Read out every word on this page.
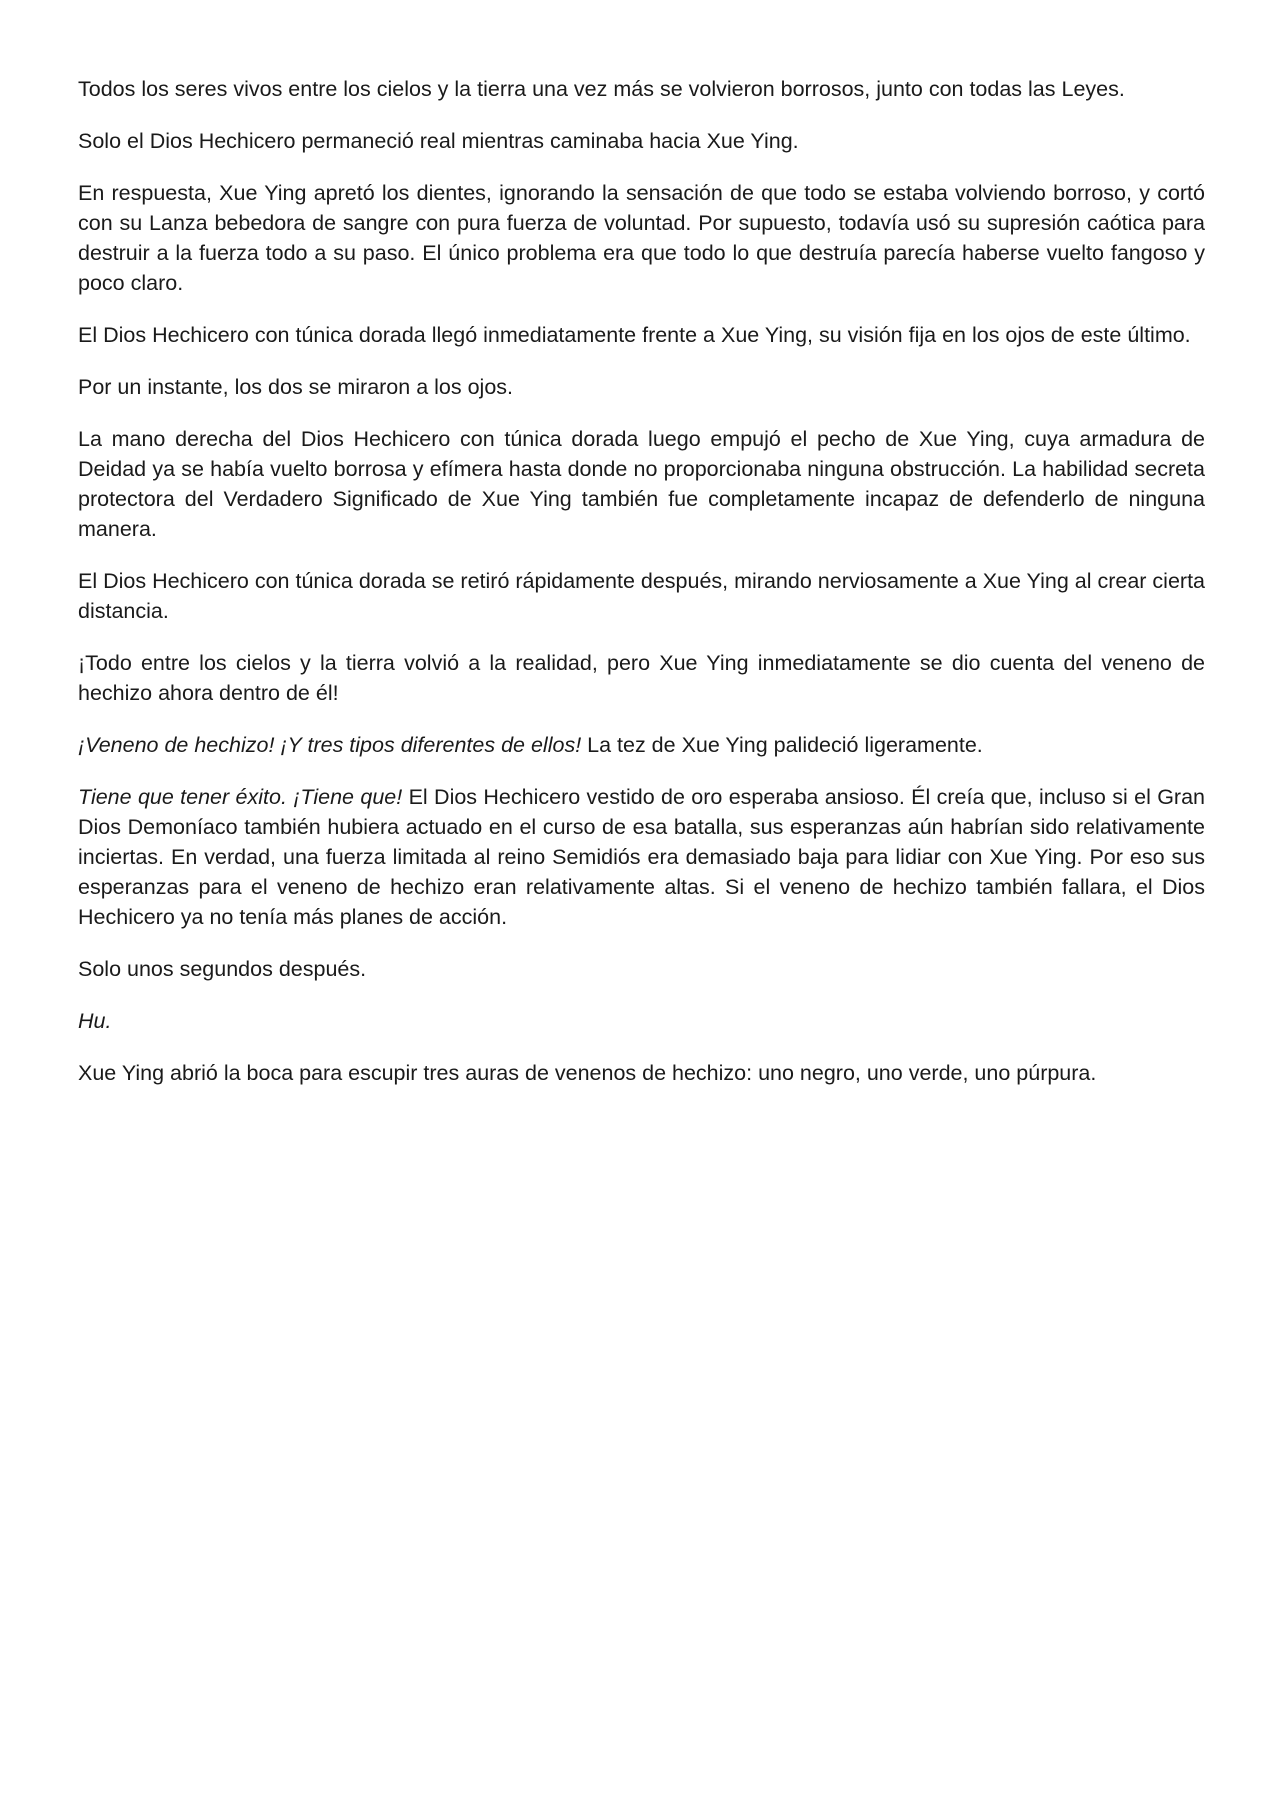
Todos los seres vivos entre los cielos y la tierra una vez más se volvieron borrosos, junto con todas las Leyes.

Solo el Dios Hechicero permaneció real mientras caminaba hacia Xue Ying.

En respuesta, Xue Ying apretó los dientes, ignorando la sensación de que todo se estaba volviendo borroso, y cortó con su Lanza bebedora de sangre con pura fuerza de voluntad. Por supuesto, todavía usó su supresión caótica para destruir a la fuerza todo a su paso. El único problema era que todo lo que destruía parecía haberse vuelto fangoso y poco claro.

El Dios Hechicero con túnica dorada llegó inmediatamente frente a Xue Ying, su visión fija en los ojos de este último.

Por un instante, los dos se miraron a los ojos.

La mano derecha del Dios Hechicero con túnica dorada luego empujó el pecho de Xue Ying, cuya armadura de Deidad ya se había vuelto borrosa y efímera hasta donde no proporcionaba ninguna obstrucción. La habilidad secreta protectora del Verdadero Significado de Xue Ying también fue completamente incapaz de defenderlo de ninguna manera.

El Dios Hechicero con túnica dorada se retiró rápidamente después, mirando nerviosamente a Xue Ying al crear cierta distancia.

¡Todo entre los cielos y la tierra volvió a la realidad, pero Xue Ying inmediatamente se dio cuenta del veneno de hechizo ahora dentro de él!

¡Veneno de hechizo! ¡Y tres tipos diferentes de ellos! La tez de Xue Ying palideció ligeramente.

Tiene que tener éxito. ¡Tiene que! El Dios Hechicero vestido de oro esperaba ansioso. Él creía que, incluso si el Gran Dios Demoníaco también hubiera actuado en el curso de esa batalla, sus esperanzas aún habrían sido relativamente inciertas. En verdad, una fuerza limitada al reino Semidiós era demasiado baja para lidiar con Xue Ying. Por eso sus esperanzas para el veneno de hechizo eran relativamente altas. Si el veneno de hechizo también fallara, el Dios Hechicero ya no tenía más planes de acción.

Solo unos segundos después.

Hu.

Xue Ying abrió la boca para escupir tres auras de venenos de hechizo: uno negro, uno verde, uno púrpura.
